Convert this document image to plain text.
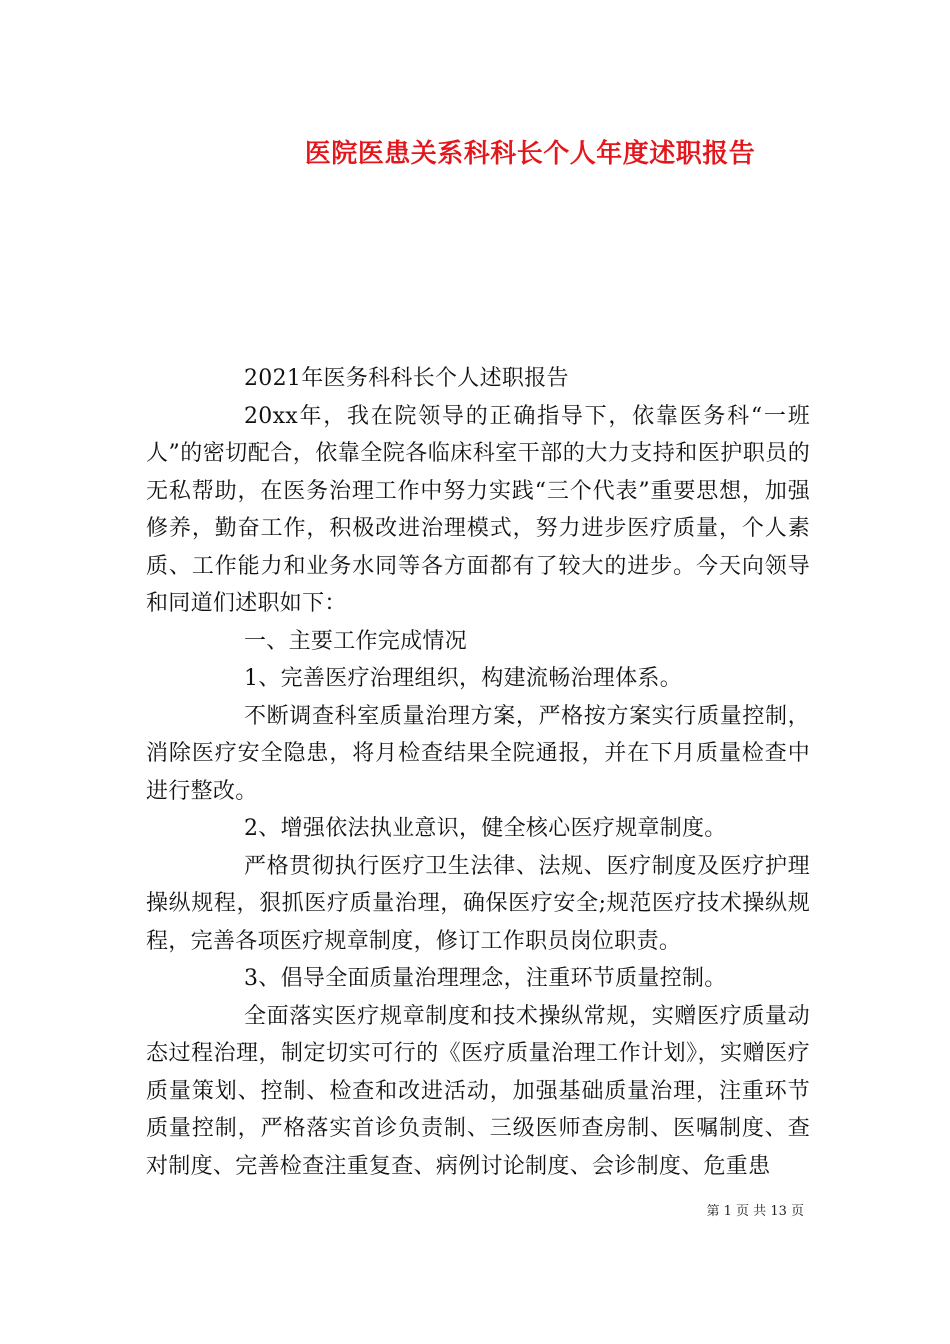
医院医患关系科科长个人年度述职报告

2021年医务科科长个人述职报告

20xx年，我在院领导的正确指导下，依靠医务科“一班人”的密切配合，依靠全院各临床科室干部的大力支持和医护职员的无私帮助，在医务治理工作中努力实践“三个代表”重要思想，加强修养，勤奋工作，积极改进治理模式，努力进步医疗质量，个人素质、工作能力和业务水同等各方面都有了较大的进步。今天向领导和同道们述职如下：

一、主要工作完成情况

1、完善医疗治理组织，构建流畅治理体系。

不断调查科室质量治理方案，严格按方案实行质量控制，消除医疗安全隐患，将月检查结果全院通报，并在下月质量检查中进行整改。

2、增强依法执业意识，健全核心医疗规章制度。

严格贯彻执行医疗卫生法律、法规、医疗制度及医疗护理操纵规程，狠抓医疗质量治理，确保医疗安全;规范医疗技术操纵规程，完善各项医疗规章制度，修订工作职员岗位职责。

3、倡导全面质量治理理念，注重环节质量控制。

全面落实医疗规章制度和技术操纵常规，实赠医疗质量动态过程治理，制定切实可行的《医疗质量治理工作计划》，实赠医疗质量策划、控制、检查和改进活动，加强基础质量治理，注重环节质量控制，严格落实首诊负责制、三级医师查房制、医嘱制度、查对制度、完善检查注重复查、病例讨论制度、会诊制度、危重患

第 1 页 共 13 页
